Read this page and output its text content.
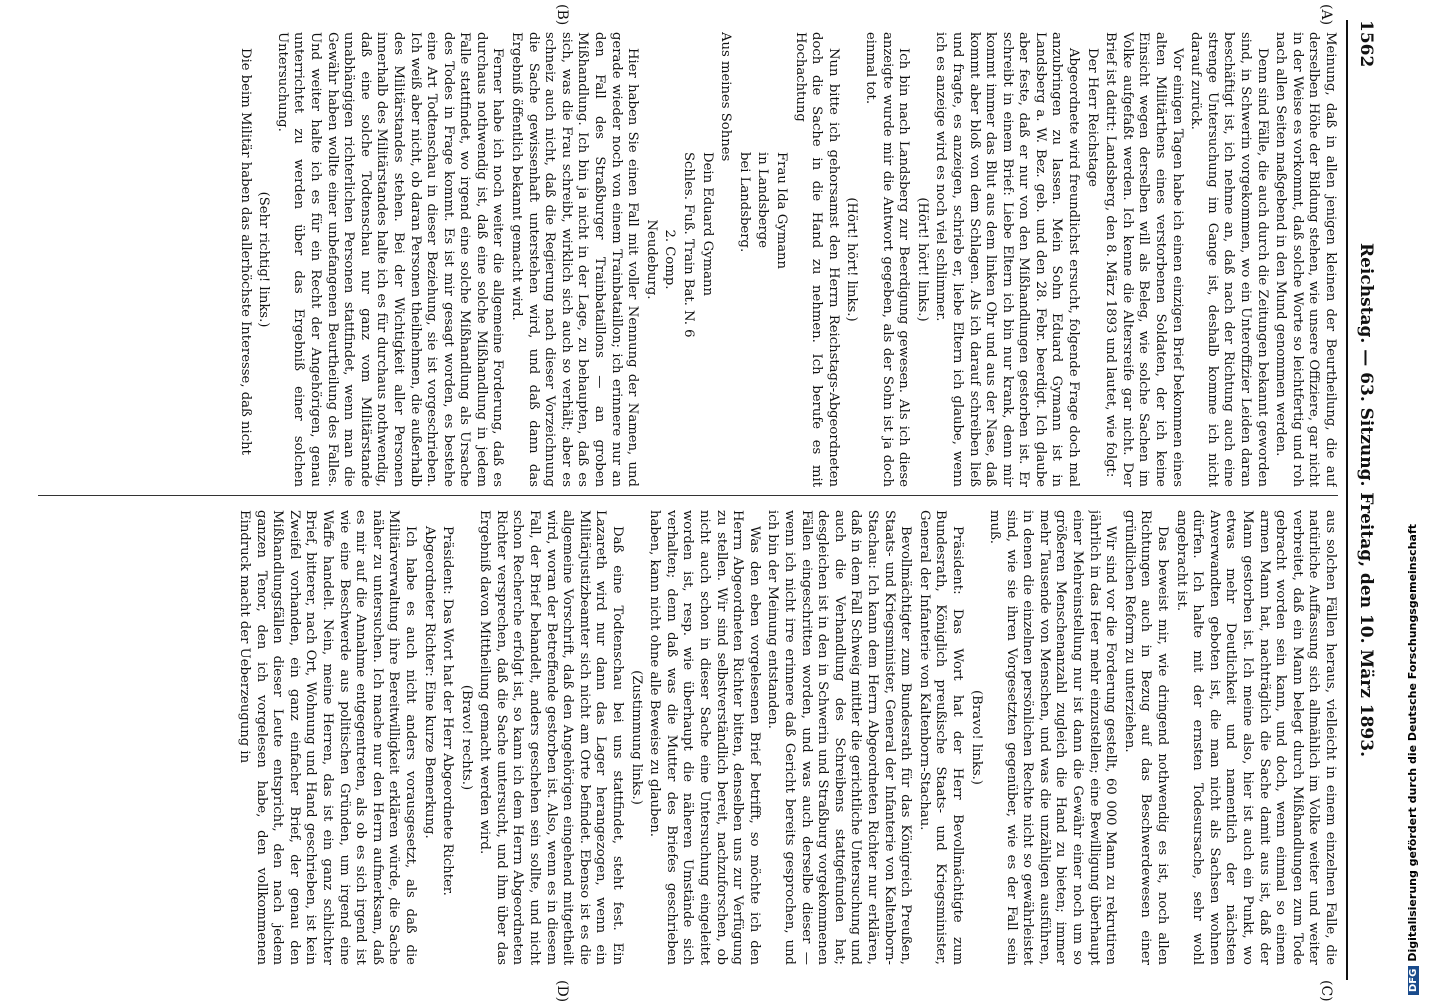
1562
Reichstag. — 63. Sitzung. Freitag, den 10. März 1893.
(A)
(B)
(C)
(D)

Meinung, daß in allen jenigen kleinen der Beurtheilung, die auf derselben Höhe der Bildung stehen, wie unsere Offiziere, gar nicht in der Weise es vorkommt, daß solche Worte so leichtfertig und roh nach allen Seiten maßgebend in den Mund genommen werden.

Denn sind Fälle, die auch durch die Zeitungen bekannt geworden sind, in Schwerin vorgekommen, wo ein Unteroffizier Leiden daran beschäftigt ist, ich nehme an, daß nach der Richtung auch eine strenge Untersuchung im Gange ist, deshalb komme ich nicht darauf zurück.

Vor einigen Tagen habe ich einen einzigen Brief bekommen eines alten Militärthens eines verstorbenen Soldaten, der ich keine Einsicht wegen derselben will als Beleg, wie solche Sachen im Volke aufgefaßt werden. Ich kenne die Altersreife gar nicht. Der Brief ist datirt: Landsberg, den 8. März 1893 und lautet, wie folgt:

Der Herr Reichstage

Abgeordnete wird freundlichst ersucht, folgende Frage doch mal anzubringen zu lassen. Mein Sohn Eduard Gymann ist in Landsberg a. W. Bez. geb. und den 28. Febr. beerdigt. Ich glaube aber feste, daß er nur von den Mißhandlungen gestorben ist. Er schreibt in einem Brief: Liebe Eltern ich bin nur krank, denn mir kommt immer das Blut aus dem linken Ohr und aus der Nase, daß kommt aber bloß von dem Schlagen. Als ich darauf schreiben ließ und fragte, es anzeigen, schrieb er, liebe Eltern ich glaube, wenn ich es anzeige wird es noch viel schlimmer.

(Hört! hört! links.)

Ich bin nach Landsberg zur Beerdigung gewesen. Als ich diese anzeigte wurde mir die Antwort gegeben, als der Sohn ist ja doch einmal tot.

(Hört! hört! links.)

Nun bitte ich gehorsamst den Herrn Reichstags-Abgeordneten doch die Sache in die Hand zu nehmen. Ich berufe es mit Hochachtung

Frau Ida Gymann

in Landsberge

bei Landsberg.

Aus meines Sohnes

Dein Eduard Gymann

Schles. Fuß. Train Bat. N. 6

2. Comp.

Neudeburg.

Hier haben Sie einen Fall mit voller Nennung der Namen, und gerade wieder noch von einem Trainbataillon; ich erinnere nur an den Fall des Straßburger Trainbataillons — an groben Mißhandlung. Ich bin ja nicht in der Lage, zu behaupten, daß es sich, was die Frau schreibt, wirklich sich auch so verhält; aber es schneiz auch nicht, daß die Regierung nach dieser Vorzeichnung die Sache gewissenhaft unterstehen wird, und daß dann das Ergebniß öffentlich bekannt gemacht wird.

Ferner habe ich noch weiter die allgemeine Forderung, daß es durchaus nothwendig ist, daß eine solche Mißhandlung in jedem Falle stattfindet, wo irgend eine solche Mißhandlung als Ursache des Todes in Frage kommt. Es ist mir gesagt worden, es bestehe eine Art Todtenschau in dieser Beziehung, sie ist vorgeschrieben. Ich weiß aber nicht, ob daran Personen theilnehmen, die außerhalb des Militärstandes stehen. Bei der Wichtigkeit aller Personen innerhalb des Militärstandes halte ich es für durchaus nothwendig, daß eine solche Todtenschau nur ganz vom Militärstande unabhängigen richterlichen Personen stattfindet, wenn man die Gewähr haben wollte einer unbefangenen Beurtheilung des Falles. Und weiter halte ich es für ein Recht der Angehörigen, genau unterrichtet zu werden über das Ergebniß einer solchen Untersuchung.

(Sehr richtig! links.)

Die beim Militär haben das allerhöchste Interesse, daß nicht

aus solchen Fällen heraus, vielleicht in einem einzelnen Falle, die natürliche Auffassung sich allmählich im Volke weiter und weiter verbreitet, daß ein Mann belegt durch Mißhandlungen zum Tode gebracht worden sein kann, und doch, wenn einmal so einem armen Mann hat, nachträglich die Sache damit aus ist, daß der Mann gestorben ist. Ich meine also, hier ist auch ein Punkt, wo etwas mehr Deutlichkeit und namentlich der nächsten Anverwandten geboten ist, die man nicht als Sachsen wohnen dürfen. Ich halte mit der ernsten Todesursache, sehr wohl angebracht ist.

Das beweist mir, wie dringend nothwendig es ist, noch allen Richtungen auch in Bezug auf das Beschwerdewesen einer gründlichen Reform zu unterziehen.

Wir sind vor die Forderung gestellt, 60 000 Mann zu rekrutiren jährlich in das Heer mehr einzustellen; eine Bewilligung überhaupt einer Mehreinstellung nur ist dann die Gewähr einer noch um so größeren Menschenanzahl zugleich die Hand zu bieten; immer mehr Tausende von Menschen, und was die unzähligen ausführen, in denen die einzelnen persönlichen Rechte nicht so gewährleistet sind, wie sie ihren Vorgesetzten gegenüber, wie es der Fall sein muß.

(Bravo! links.)

Präsident: Das Wort hat der Herr Bevollmächtigte zum Bundesrath, Königlich preußische Staats- und Kriegsminister, General der Infanterie von Kaltenborn-Stachau.

Bevollmächtigter zum Bundesrath für das Königreich Preußen, Staats- und Kriegsminister, General der Infanterie von Kaltenborn-Stachau: Ich kann dem Herrn Abgeordneten Richter nur erklären, daß in dem Fall Schweig mittler die gerichtliche Untersuchung und auch die Verhandlung des Schreibens stattgefunden hat; desgleichen ist in den in Schwerin und Straßburg vorgekommenen Fällen eingeschritten worden, und was auch derselbe dieser — wenn ich nicht irre erinnere daß Gericht bereits gesprochen, und ich bin der Meinung entstanden.

Was den eben vorgelesenen Brief betrifft, so möchte ich den Herrn Abgeordneten Richter bitten, denselben uns zur Verfügung zu stellen. Wir sind selbstverständlich bereit, nachzuforschen, ob nicht auch schon in dieser Sache eine Untersuchung eingeleitet worden ist, resp. wie überhaupt die näheren Umstände sich verhalten; denn daß was die Mutter des Briefes geschrieben haben, kann nicht ohne alle Beweise zu glauben.

(Zustimmung links.)

Daß eine Todtenschau bei uns stattfindet, steht fest. Ein Lazareth wird nur dann das Lager herangezogen, wenn ein Militärjustizbeamter sich nicht am Orte befindet. Ebenso ist es die allgemeine Vorschrift, daß den Angehörigen eingehend mitgetheilt wird, woran der Betreffende gestorben ist. Also, wenn es in diesem Fall, der Brief behandelt, anders geschehen sein sollte, und nicht schon Recherche erfolgt ist, so kann ich dem Herrn Abgeordneten Richter versprechen, daß die Sache untersucht, und ihm über das Ergebniß davon Mittheilung gemacht werden wird.

(Bravo! rechts.)

Präsident: Das Wort hat der Herr Abgeordnete Richter.

Abgeordneter Richter: Eine kurze Bemerkung.

Ich habe es auch nicht anders vorausgesetzt, als daß die Militärverwaltung ihre Bereitwilligkeit erklären würde, die Sache näher zu untersuchen. Ich mache nur den Herrn aufmerksam, daß es mir auf die Annahme entgegentreten, als ob es sich irgend ist wie eine Beschwerde aus politischen Gründen, um irgend eine Waffe handelt. Nein, meine Herren, das ist ein ganz schlichter Brief, bitterer, nach Ort, Wohnung und Hand geschrieben, ist kein Zweifel vorhanden, ein ganz einfacher Brief, der genau den Mißhandlungsfällen dieser Leute entspricht, den nach jedem ganzen Tenor, den ich vorgelesen habe, den vollkommenen Eindruck macht der Ueberzeugung in

DFGDigitalisierung gefördert durch die Deutsche Forschungsgemeinschaft
